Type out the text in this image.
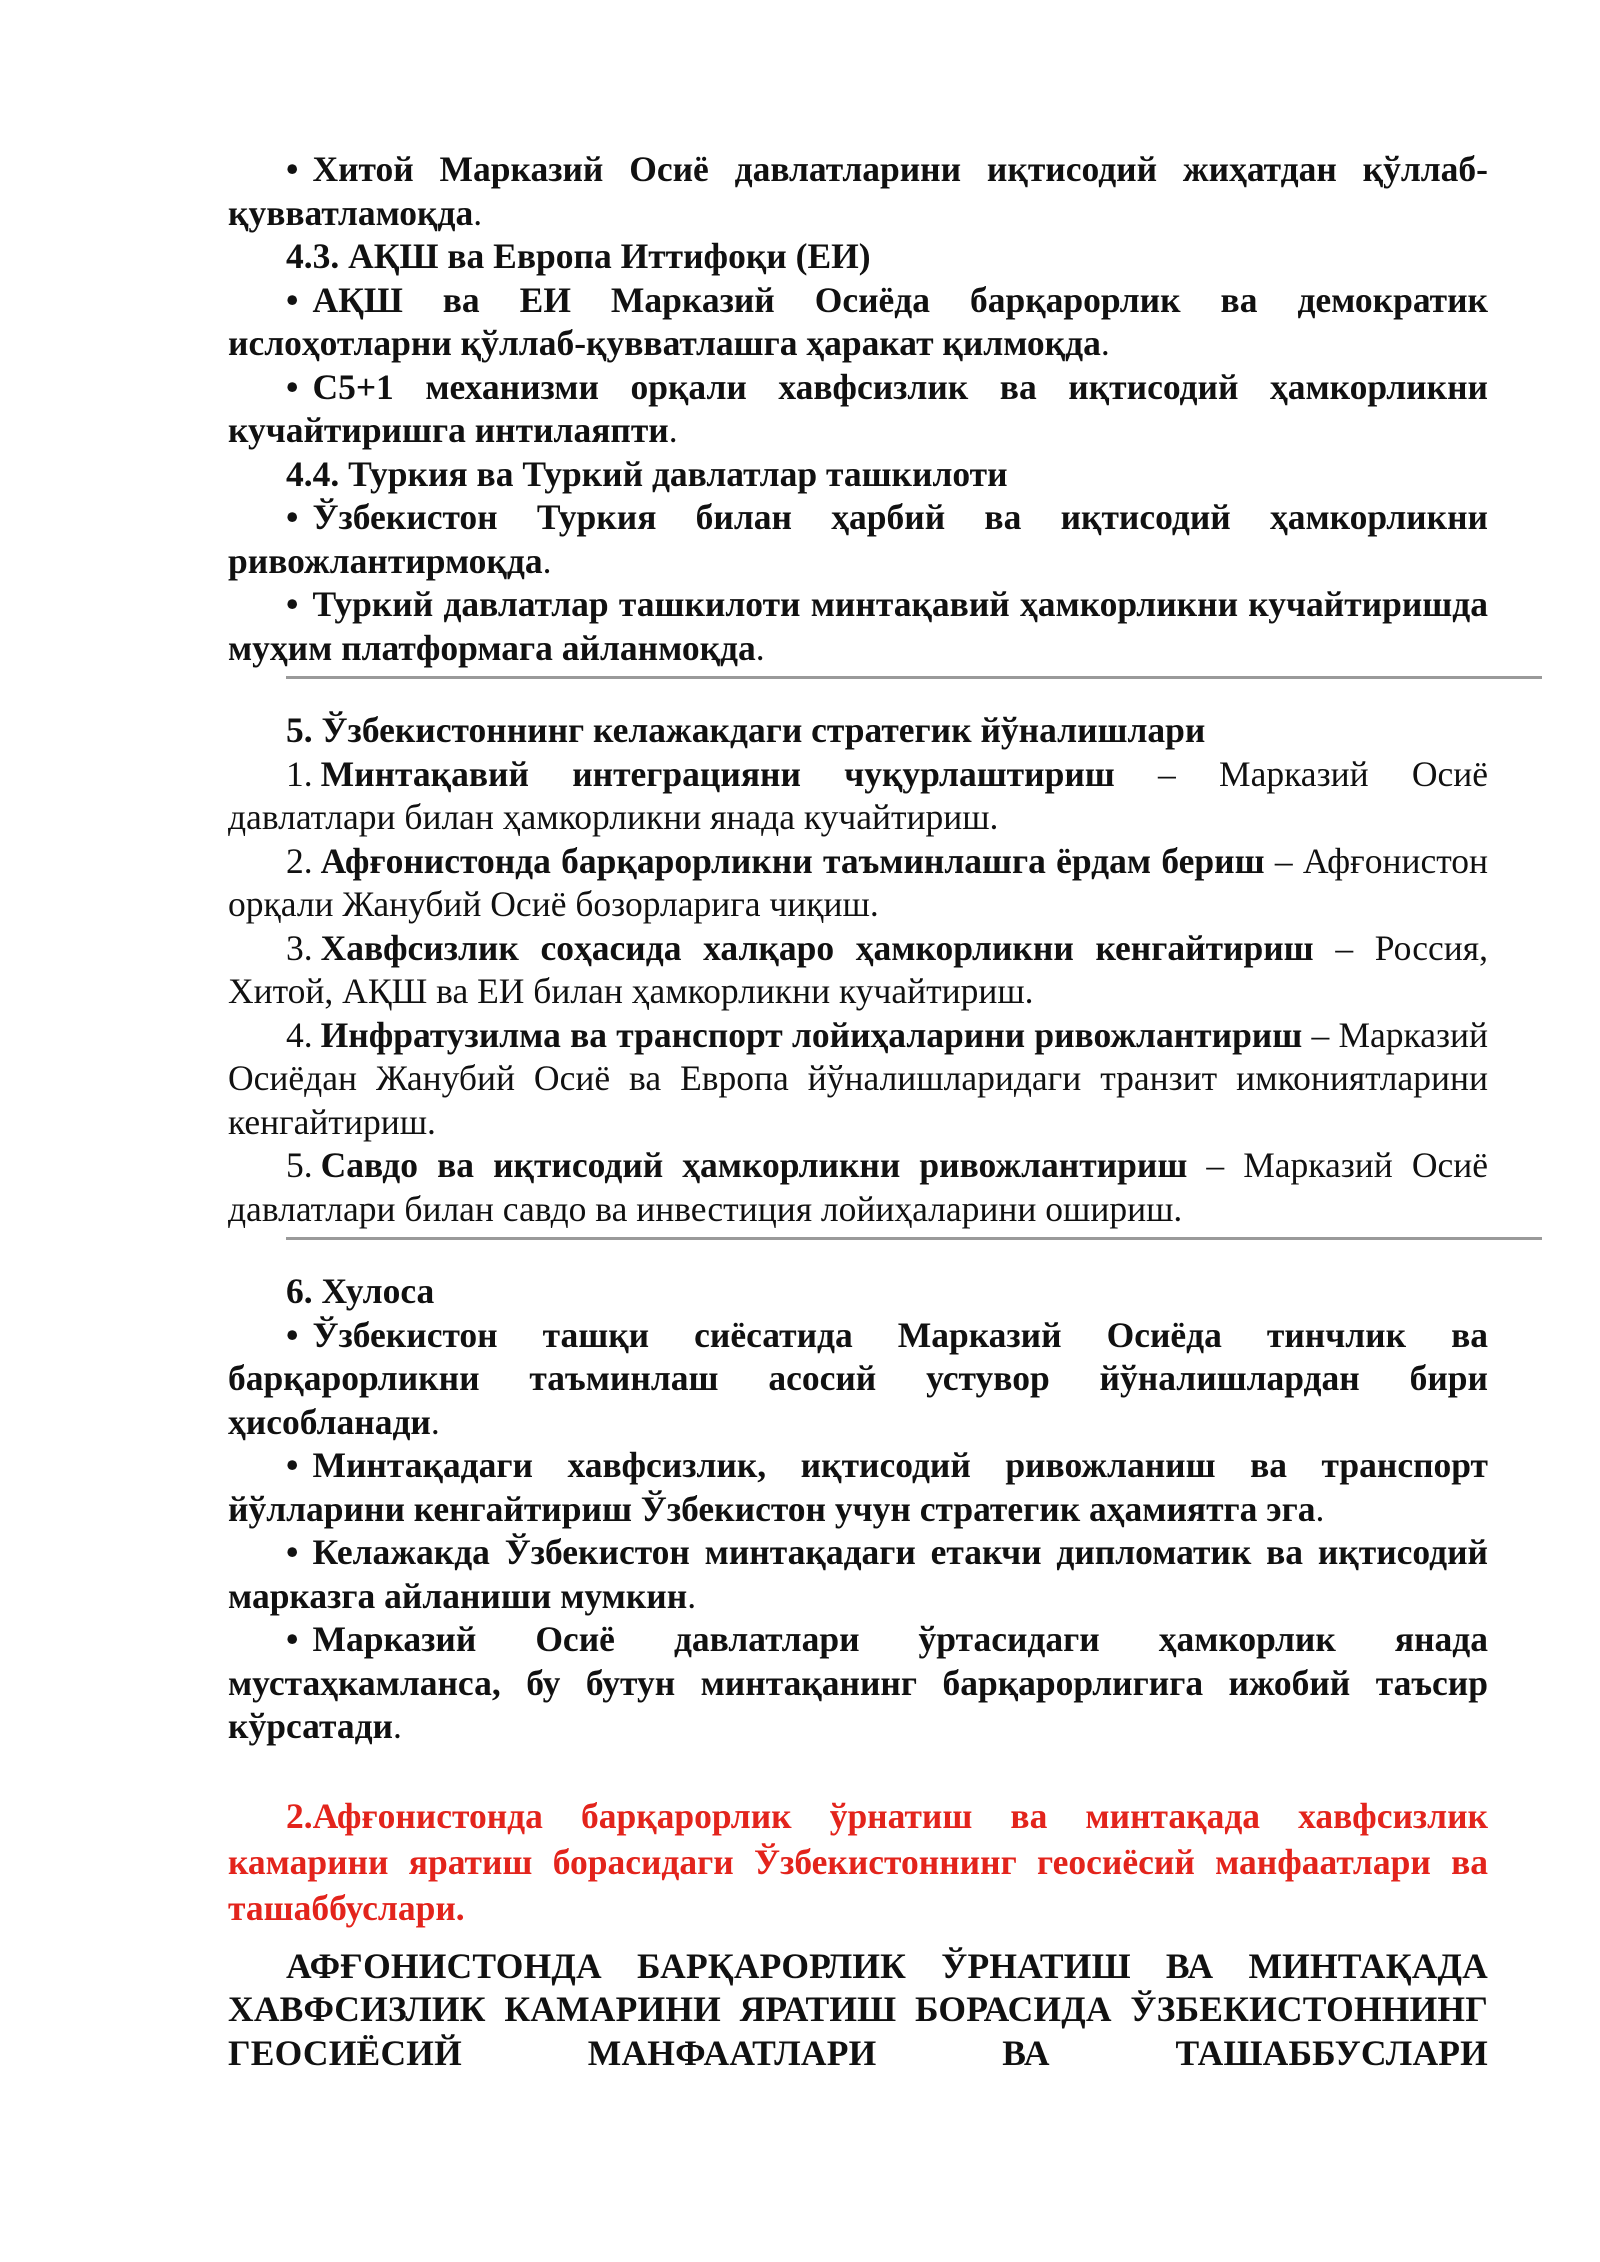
• Хитой Марказий Осиё давлатларини иқтисодий жиҳатдан қўллаб-қувватламоқда.

4.3. АҚШ ва Европа Иттифоқи (ЕИ)

• АҚШ ва ЕИ Марказий Осиёда барқарорлик ва демократик ислоҳотларни қўллаб-қувватлашга ҳаракат қилмоқда.

• C5+1 механизми орқали хавфсизлик ва иқтисодий ҳамкорликни кучайтиришга интилаяпти.

4.4. Туркия ва Туркий давлатлар ташкилоти

• Ўзбекистон Туркия билан ҳарбий ва иқтисодий ҳамкорликни ривожлантирмоқда.

• Туркий давлатлар ташкилоти минтақавий ҳамкорликни кучайтиришда муҳим платформага айланмоқда.

5. Ўзбекистоннинг келажакдаги стратегик йўналишлари

1. Минтақавий интеграцияни чуқурлаштириш – Марказий Осиё давлатлари билан ҳамкорликни янада кучайтириш.

2. Афғонистонда барқарорликни таъминлашга ёрдам бериш – Афғонистон орқали Жанубий Осиё бозорларига чиқиш.

3. Хавфсизлик соҳасида халқаро ҳамкорликни кенгайтириш – Россия, Хитой, АҚШ ва ЕИ билан ҳамкорликни кучайтириш.

4. Инфратузилма ва транспорт лойиҳаларини ривожлантириш – Марказий Осиёдан Жанубий Осиё ва Европа йўналишларидаги транзит имкониятларини кенгайтириш.

5. Савдо ва иқтисодий ҳамкорликни ривожлантириш – Марказий Осиё давлатлари билан савдо ва инвестиция лойиҳаларини ошириш.

6. Хулоса

• Ўзбекистон ташқи сиёсатида Марказий Осиёда тинчлик ва барқарорликни таъминлаш асосий устувор йўналишлардан бири ҳисобланади.

• Минтақадаги хавфсизлик, иқтисодий ривожланиш ва транспорт йўлларини кенгайтириш Ўзбекистон учун стратегик аҳамиятга эга.

• Келажакда Ўзбекистон минтақадаги етакчи дипломатик ва иқтисодий марказга айланиши мумкин.

• Марказий Осиё давлатлари ўртасидаги ҳамкорлик янада мустаҳкамланса, бу бутун минтақанинг барқарорлигига ижобий таъсир кўрсатади.

2.Афғонистонда барқарорлик ўрнатиш ва минтақада хавфсизлик камарини яратиш борасидаги Ўзбекистоннинг геосиёсий манфаатлари ва ташаббуслари.

АФҒОНИСТОНДА БАРҚАРОРЛИК ЎРНАТИШ ВА МИНТАҚАДА ХАВФСИЗЛИК КАМАРИНИ ЯРАТИШ БОРАСИДА ЎЗБЕКИСТОННИНГ ГЕОСИЁСИЙ МАНФААТЛАРИ ВА ТАШАББУСЛАРИ
